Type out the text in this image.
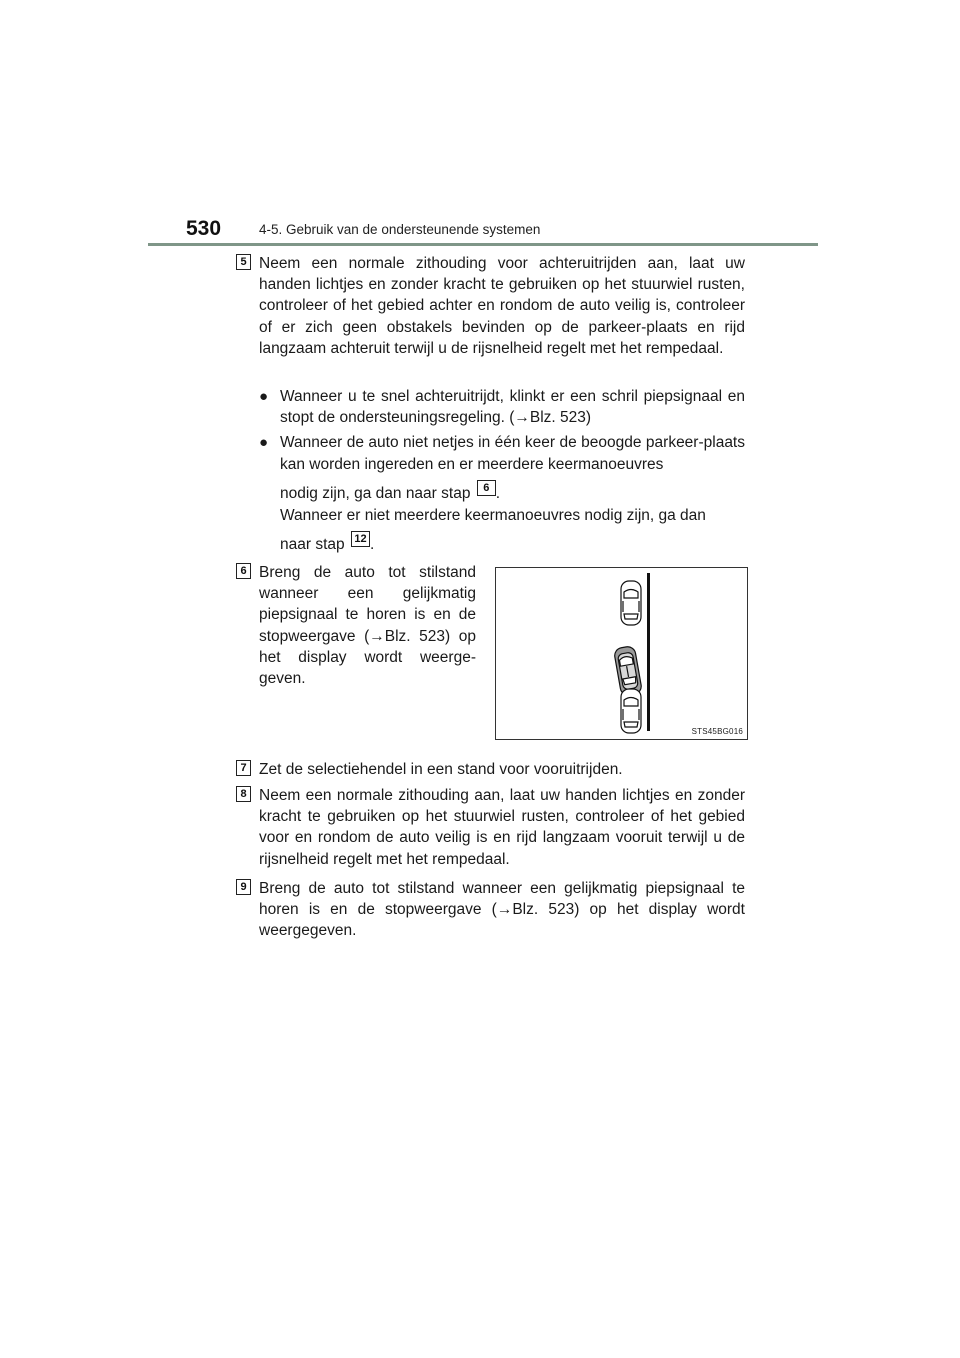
530	4-5. Gebruik van de ondersteunende systemen
5 Neem een normale zithouding voor achteruitrijden aan, laat uw handen lichtjes en zonder kracht te gebruiken op het stuurwiel rusten, controleer of het gebied achter en rondom de auto veilig is, controleer of er zich geen obstakels bevinden op de parkeer-plaats en rijd langzaam achteruit terwijl u de rijsnelheid regelt met het rempedaal.
● Wanneer u te snel achteruitrijdt, klinkt er een schril piepsignaal en stopt de ondersteuningsregeling. (→Blz. 523)
● Wanneer de auto niet netjes in één keer de beoogde parkeer-plaats kan worden ingereden en er meerdere keermanoeuvres
nodig zijn, ga dan naar stap 6 .
Wanneer er niet meerdere keermanoeuvres nodig zijn, ga dan
naar stap 12 .
6 Breng de auto tot stilstand wanneer een gelijkmatig piepsignaal te horen is en de stopweergave (→Blz. 523) op het display wordt weerge-geven.
STS45BG016
7 Zet de selectiehendel in een stand voor vooruitrijden.
8 Neem een normale zithouding aan, laat uw handen lichtjes en zonder kracht te gebruiken op het stuurwiel rusten, controleer of het gebied voor en rondom de auto veilig is en rijd langzaam vooruit terwijl u de rijsnelheid regelt met het rempedaal.
9 Breng de auto tot stilstand wanneer een gelijkmatig piepsignaal te horen is en de stopweergave (→Blz. 523) op het display wordt weergegeven.
